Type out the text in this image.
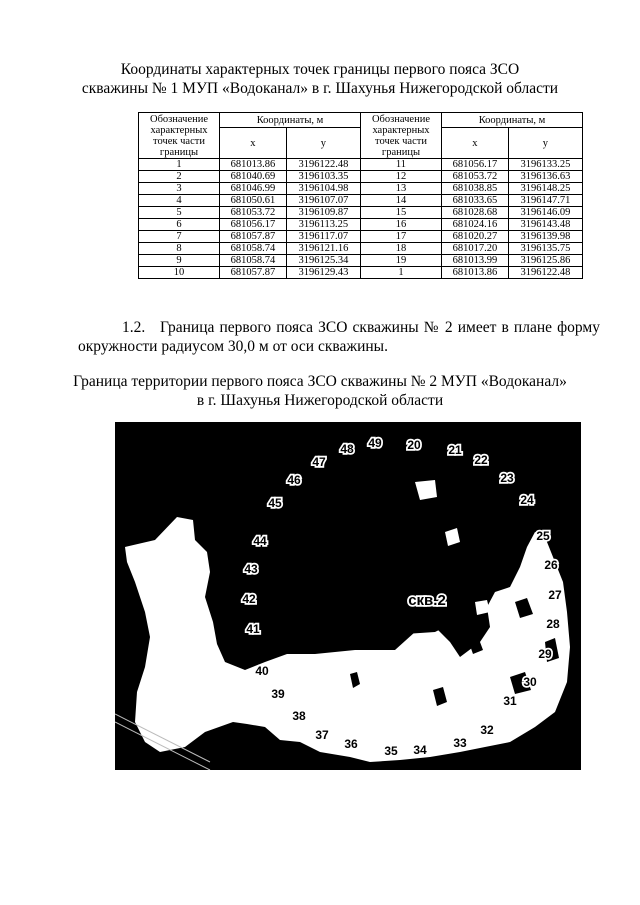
Координаты характерных точек границы первого пояса ЗСО
скважины № 1 МУП «Водоканал» в г. Шахунья Нижегородской области
Обозначение характерных точек части границы	Координаты, м		Обозначение характерных точек части границы	Координаты, м	
	x	y		x	y
1	681013.86	3196122.48	11	681056.17	3196133.25
2	681040.69	3196103.35	12	681053.72	3196136.63
3	681046.99	3196104.98	13	681038.85	3196148.25
4	681050.61	3196107.07	14	681033.65	3196147.71
5	681053.72	3196109.87	15	681028.68	3196146.09
6	681056.17	3196113.25	16	681024.16	3196143.48
7	681057.87	3196117.07	17	681020.27	3196139.98
8	681058.74	3196121.16	18	681017.20	3196135.75
9	681058.74	3196125.34	19	681013.99	3196125.86
10	681057.87	3196129.43	1	681013.86	3196122.48
1.2. Граница первого пояса ЗСО скважины № 2 имеет в плане форму окружности радиусом 30,0 м от оси скважины.
Граница территории первого пояса ЗСО скважины № 2 МУП «Водоканал»
в г. Шахунья Нижегородской области
20 21
22
23
24
25
26
27
28
29
30
31
32
33
34
35
36
37
38
39
40
41
42
43
44
45
46
47
48 49
скв.2
